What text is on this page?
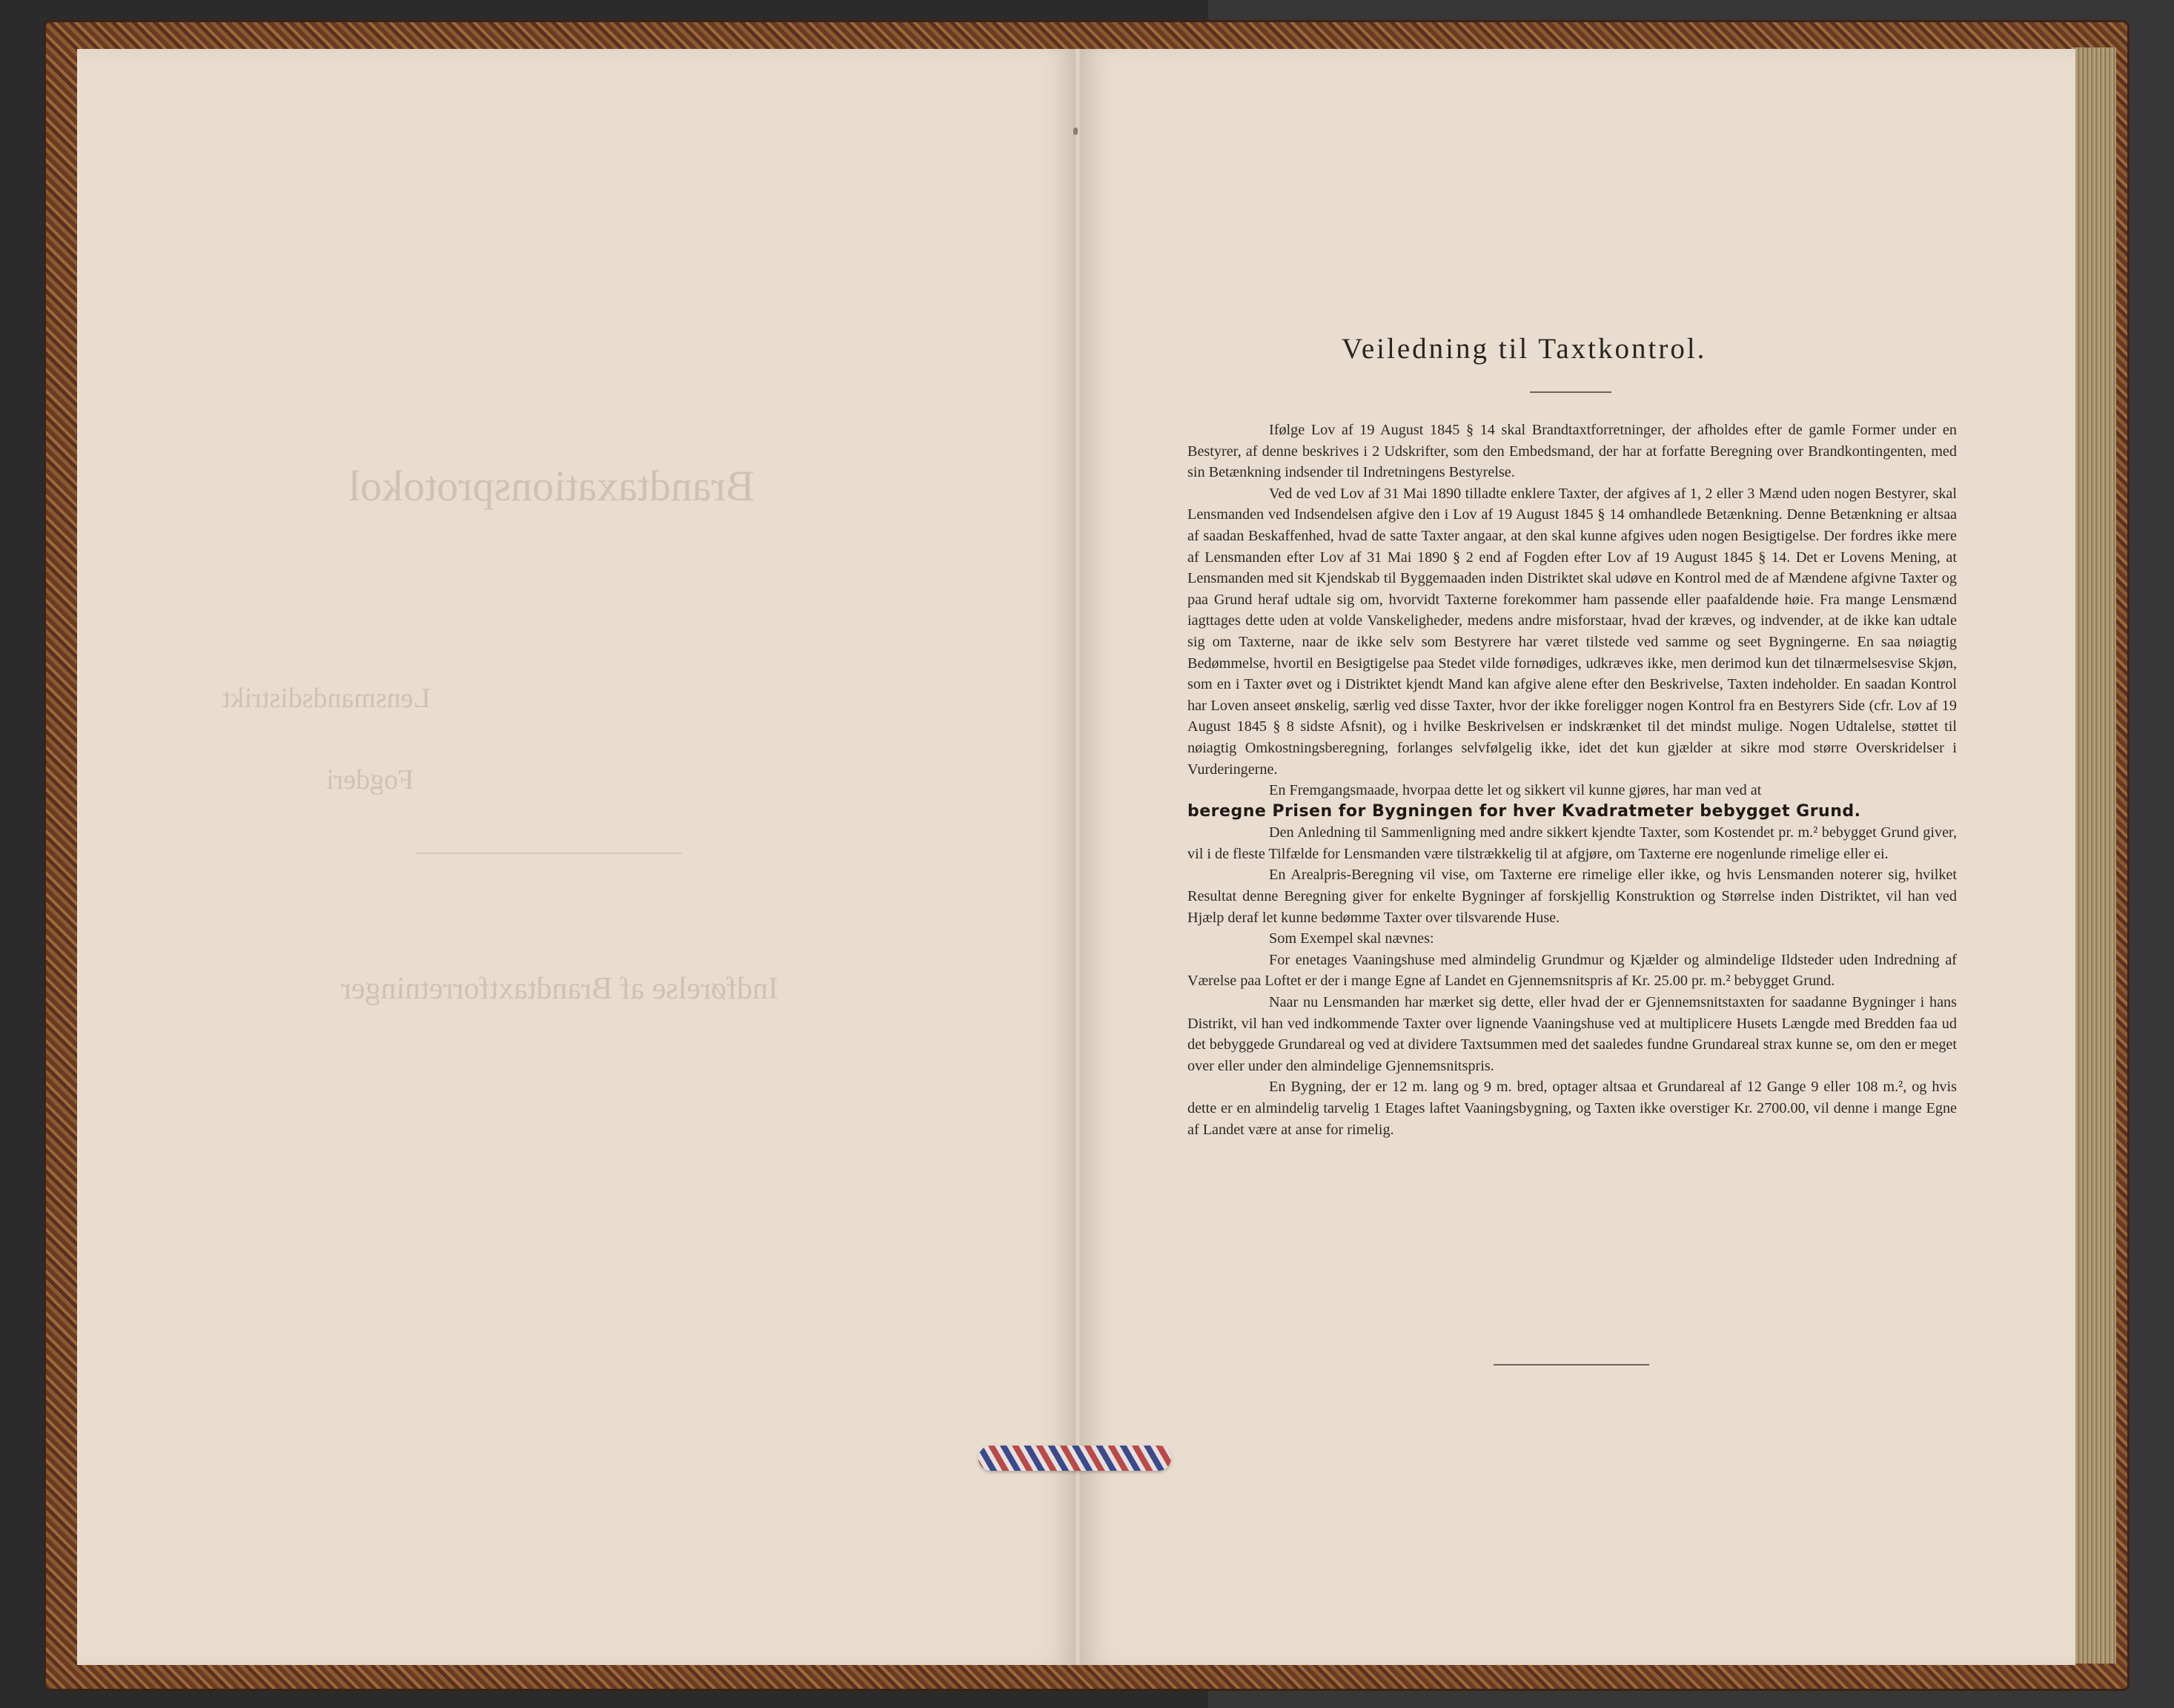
Brandtaxationsprotokol
Lensmandsdistrikt
Fogderi
Indførelse af Brandtaxtforretninger
Veiledning til Taxtkontrol.
Ifølge Lov af 19 August 1845 § 14 skal Brandtaxtforretninger, der afholdes efter de gamle Former under en Bestyrer, af denne beskrives i 2 Udskrifter, som den Embedsmand, der har at forfatte Beregning over Brandkontingenten, med sin Betænkning indsender til Indretningens Bestyrelse.
Ved de ved Lov af 31 Mai 1890 tilladte enklere Taxter, der afgives af 1, 2 eller 3 Mænd uden nogen Bestyrer, skal Lensmanden ved Indsendelsen afgive den i Lov af 19 August 1845 § 14 omhandlede Betænkning. Denne Betænkning er altsaa af saadan Beskaffenhed, hvad de satte Taxter angaar, at den skal kunne afgives uden nogen Besigtigelse. Der fordres ikke mere af Lensmanden efter Lov af 31 Mai 1890 § 2 end af Fogden efter Lov af 19 August 1845 § 14. Det er Lovens Mening, at Lensmanden med sit Kjendskab til Byggemaaden inden Distriktet skal udøve en Kontrol med de af Mændene afgivne Taxter og paa Grund heraf udtale sig om, hvorvidt Taxterne forekommer ham passende eller paafaldende høie. Fra mange Lensmænd iagttages dette uden at volde Vanskeligheder, medens andre misforstaar, hvad der kræves, og indvender, at de ikke kan udtale sig om Taxterne, naar de ikke selv som Bestyrere har været tilstede ved samme og seet Bygningerne. En saa nøiagtig Bedømmelse, hvortil en Besigtigelse paa Stedet vilde fornødiges, udkræves ikke, men derimod kun det tilnærmelsesvise Skjøn, som en i Taxter øvet og i Distriktet kjendt Mand kan afgive alene efter den Beskrivelse, Taxten indeholder. En saadan Kontrol har Loven anseet ønskelig, særlig ved disse Taxter, hvor der ikke foreligger nogen Kontrol fra en Bestyrers Side (cfr. Lov af 19 August 1845 § 8 sidste Afsnit), og i hvilke Beskrivelsen er indskrænket til det mindst mulige. Nogen Udtalelse, støttet til nøiagtig Omkostningsberegning, forlanges selvfølgelig ikke, idet det kun gjælder at sikre mod større Overskridelser i Vurderingerne.
En Fremgangsmaade, hvorpaa dette let og sikkert vil kunne gjøres, har man ved at
beregne Prisen for Bygningen for hver Kvadratmeter bebygget Grund.
Den Anledning til Sammenligning med andre sikkert kjendte Taxter, som Kostendet pr. m.² bebygget Grund giver, vil i de fleste Tilfælde for Lensmanden være tilstrækkelig til at afgjøre, om Taxterne ere nogenlunde rimelige eller ei.
En Arealpris-Beregning vil vise, om Taxterne ere rimelige eller ikke, og hvis Lensmanden noterer sig, hvilket Resultat denne Beregning giver for enkelte Bygninger af forskjellig Konstruktion og Størrelse inden Distriktet, vil han ved Hjælp deraf let kunne bedømme Taxter over tilsvarende Huse.
Som Exempel skal nævnes:
For enetages Vaaningshuse med almindelig Grundmur og Kjælder og almindelige Ildsteder uden Indredning af Værelse paa Loftet er der i mange Egne af Landet en Gjennemsnitspris af Kr. 25.00 pr. m.² bebygget Grund.
Naar nu Lensmanden har mærket sig dette, eller hvad der er Gjennemsnitstaxten for saadanne Bygninger i hans Distrikt, vil han ved indkommende Taxter over lignende Vaaningshuse ved at multiplicere Husets Længde med Bredden faa ud det bebyggede Grundareal og ved at dividere Taxtsummen med det saaledes fundne Grundareal strax kunne se, om den er meget over eller under den almindelige Gjennemsnitspris.
En Bygning, der er 12 m. lang og 9 m. bred, optager altsaa et Grundareal af 12 Gange 9 eller 108 m.², og hvis dette er en almindelig tarvelig 1 Etages laftet Vaaningsbygning, og Taxten ikke overstiger Kr. 2700.00, vil denne i mange Egne af Landet være at anse for rimelig.
